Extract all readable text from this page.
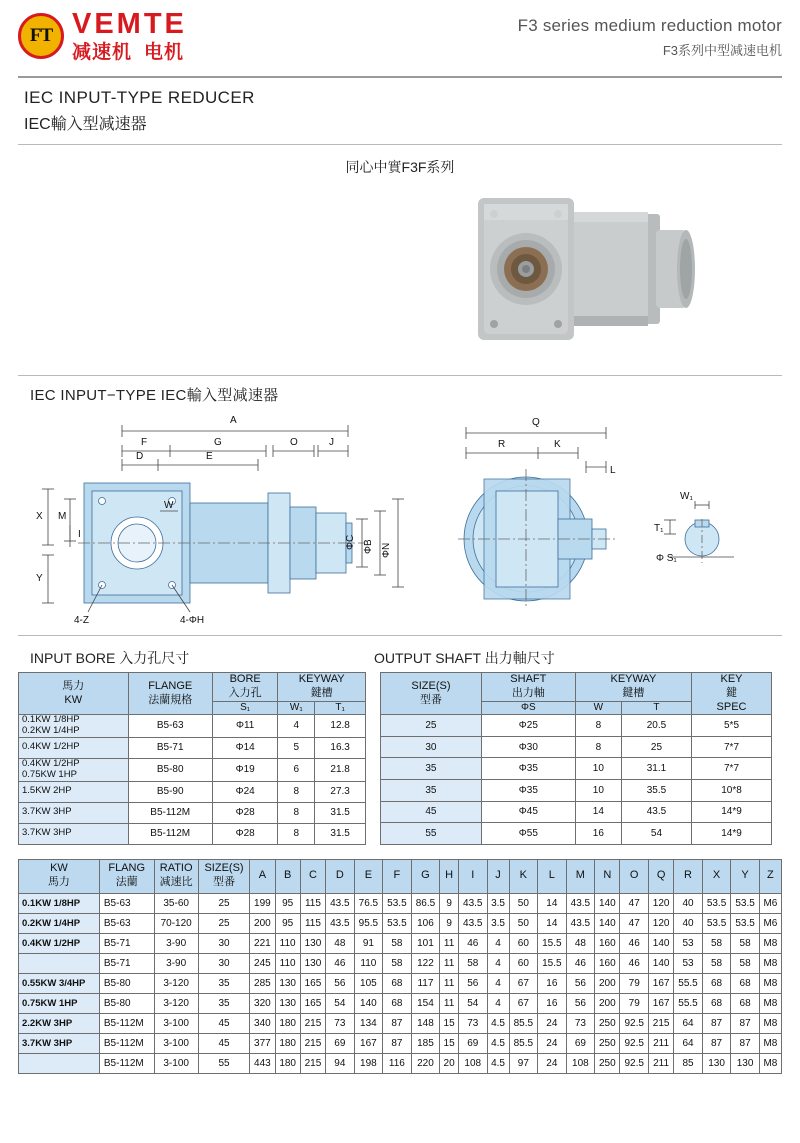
FT VEMTE
减速机 电机
F3 series medium reduction motor
F3系列中型减速电机
IEC INPUT-TYPE REDUCER
IEC輸入型减速器
同心中實F3F系列
IEC INPUT−TYPE IEC輸入型减速器
A
F	G	O	J
D	E
X M
Y
I
W
ΦC ΦB ΦN
4-Z	4-ΦH
Q
R	K
L
W₁
T₁
Φ S₁
INPUT BORE 入力孔尺寸	OUTPUT SHAFT 出力軸尺寸
馬力
KW

FLANGE
法蘭規格

BORE
入力孔

KEYWAY
鍵槽

		S₁	W₁	T₁

0.1KW 1/8HP
0.2KW 1/4HP	B5-63	Φ11	4	12.8

0.4KW 1/2HP	B5-71	Φ14	5	16.3

0.4KW 1/2HP
0.75KW 1HP	B5-80	Φ19	6	21.8

1.5KW 2HP	B5-90	Φ24	8	27.3

3.7KW 3HP	B5-112M	Φ28	8	31.5

3.7KW 3HP	B5-112M	Φ28	8	31.5
SIZE(S)
型番

SHAFT
出力軸

KEYWAY
鍵槽

KEY
鍵
SPEC

	ΦS	W	T	
25	Φ25	8	20.5	5*5
30	Φ30	8	25	7*7
35	Φ35	10	31.1	7*7
35	Φ35	10	35.5	10*8
45	Φ45	14	43.5	14*9
55	Φ55	16	54	14*9
KW
馬力

FLANG
法蘭

RATIO
减速比

SIZE(S)
型番
	A	B	C	D	E	F	G	H	I	J	K	L	M	N	O	Q	R	X	Y	Z
0.1KW 1/8HP	B5-63	35-60	25	199	95	115	43.5	76.5	53.5	86.5	9	43.5	3.5	50	14	43.5	140	47	120	40	53.5	53.5	M6
0.2KW 1/4HP	B5-63	70-120	25	200	95	115	43.5	95.5	53.5	106	9	43.5	3.5	50	14	43.5	140	47	120	40	53.5	53.5	M6
0.4KW 1/2HP	B5-71	3-90	30	221	110	130	48	91	58	101	11	46	4	60	15.5	48	160	46	140	53	58	58	M8
	B5-71	3-90	30	245	110	130	46	110	58	122	11	58	4	60	15.5	46	160	46	140	53	58	58	M8
0.55KW 3/4HP	B5-80	3-120	35	285	130	165	56	105	68	117	11	56	4	67	16	56	200	79	167	55.5	68	68	M8
0.75KW 1HP	B5-80	3-120	35	320	130	165	54	140	68	154	11	54	4	67	16	56	200	79	167	55.5	68	68	M8
2.2KW 3HP	B5-112M	3-100	45	340	180	215	73	134	87	148	15	73	4.5	85.5	24	73	250	92.5	215	64	87	87	M8
3.7KW 3HP	B5-112M	3-100	45	377	180	215	69	167	87	185	15	69	4.5	85.5	24	69	250	92.5	211	64	87	87	M8
	B5-112M	3-100	55	443	180	215	94	198	116	220	20	108	4.5	97	24	108	250	92.5	211	85	130	130	M8
